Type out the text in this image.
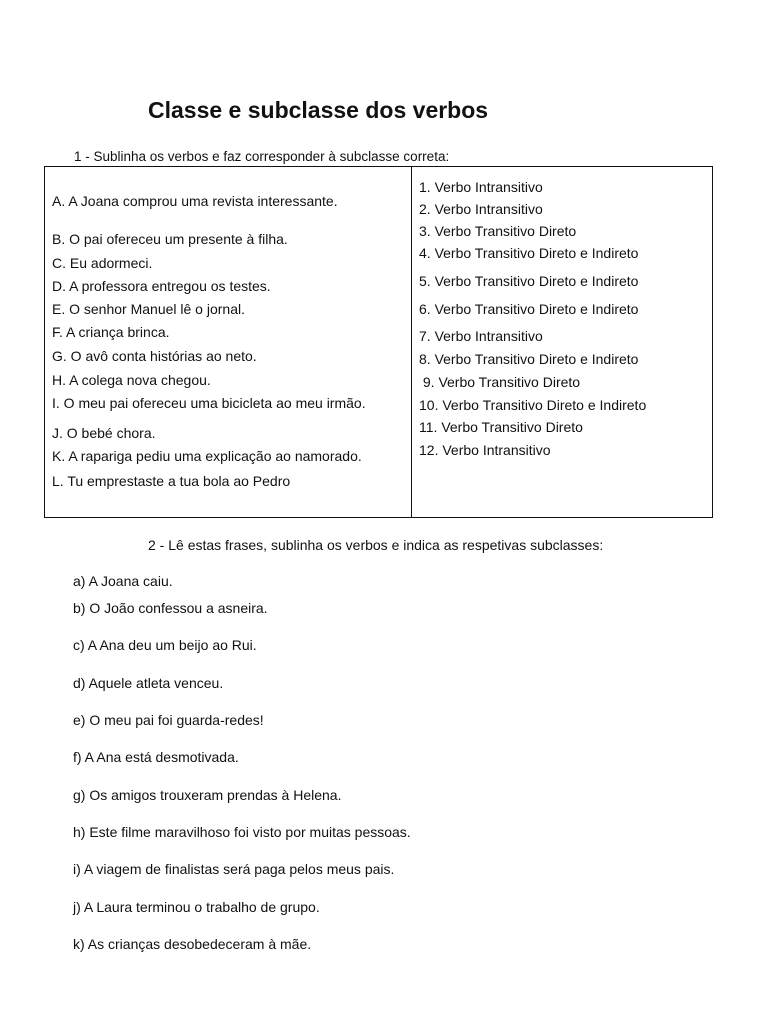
Classe e subclasse dos verbos
1 - Sublinha os verbos e faz corresponder à subclasse correta:
A. A Joana comprou uma revista interessante.
B. O pai ofereceu um presente à filha.
C. Eu adormeci.
D. A professora entregou os testes.
E. O senhor Manuel lê o jornal.
F. A criança brinca.
G. O avô conta histórias ao neto.
H. A colega nova chegou.
I. O meu pai ofereceu uma bicicleta ao meu irmão.
J. O bebé chora.
K. A rapariga pediu uma explicação ao namorado.
L. Tu emprestaste a tua bola ao Pedro
1. Verbo Intransitivo
2. Verbo Intransitivo
3. Verbo Transitivo Direto
4. Verbo Transitivo Direto e Indireto
5. Verbo Transitivo Direto e Indireto
6. Verbo Transitivo Direto e Indireto
7. Verbo Intransitivo
8. Verbo Transitivo Direto e Indireto
9. Verbo Transitivo Direto
10. Verbo Transitivo Direto e Indireto
11. Verbo Transitivo Direto
12. Verbo Intransitivo
2 - Lê estas frases, sublinha os verbos e indica as respetivas subclasses:
a) A Joana caiu.
b) O João confessou a asneira.
c) A Ana deu um beijo ao Rui.
d) Aquele atleta venceu.
e) O meu pai foi guarda-redes!
f) A Ana está desmotivada.
g) Os amigos trouxeram prendas à Helena.
h) Este filme maravilhoso foi visto por muitas pessoas.
i) A viagem de finalistas será paga pelos meus pais.
j) A Laura terminou o trabalho de grupo.
k) As crianças desobedeceram à mãe.
